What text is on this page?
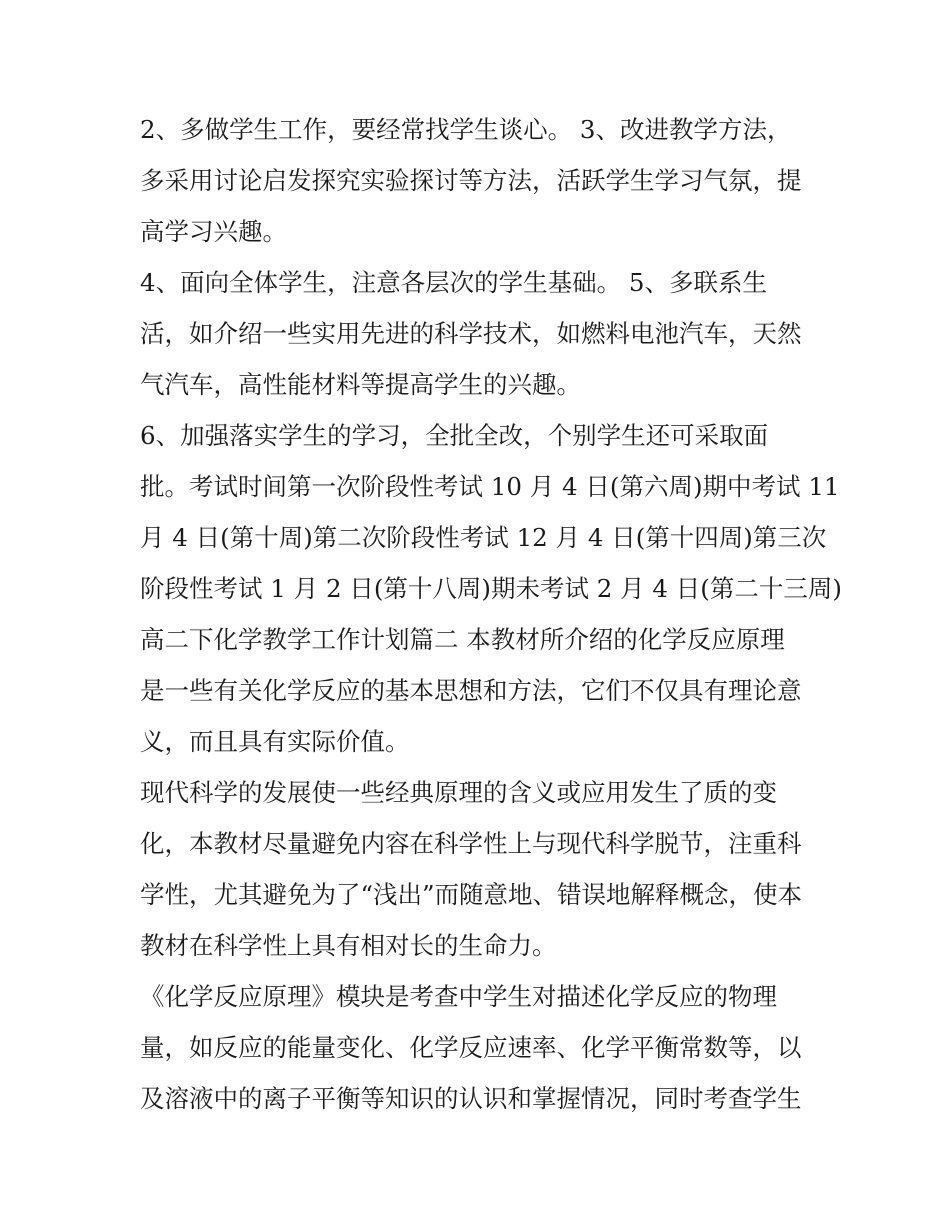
2、多做学生工作，要经常找学生谈心。 3、改进教学方法，
多采用讨论启发探究实验探讨等方法，活跃学生学习气氛，提
高学习兴趣。
4、面向全体学生，注意各层次的学生基础。 5、多联系生
活，如介绍一些实用先进的科学技术，如燃料电池汽车，天然
气汽车，高性能材料等提高学生的兴趣。
6、加强落实学生的学习，全批全改，个别学生还可采取面
批。考试时间第一次阶段性考试 10 月 4 日(第六周)期中考试 11
月 4 日(第十周)第二次阶段性考试 12 月 4 日(第十四周)第三次
阶段性考试 1 月 2 日(第十八周)期未考试 2 月 4 日(第二十三周)
高二下化学教学工作计划篇二 本教材所介绍的化学反应原理
是一些有关化学反应的基本思想和方法，它们不仅具有理论意
义，而且具有实际价值。
现代科学的发展使一些经典原理的含义或应用发生了质的变
化，本教材尽量避免内容在科学性上与现代科学脱节，注重科
学性，尤其避免为了“浅出”而随意地、错误地解释概念，使本
教材在科学性上具有相对长的生命力。
《化学反应原理》模块是考查中学生对描述化学反应的物理
量，如反应的能量变化、化学反应速率、化学平衡常数等，以
及溶液中的离子平衡等知识的认识和掌握情况，同时考查学生
